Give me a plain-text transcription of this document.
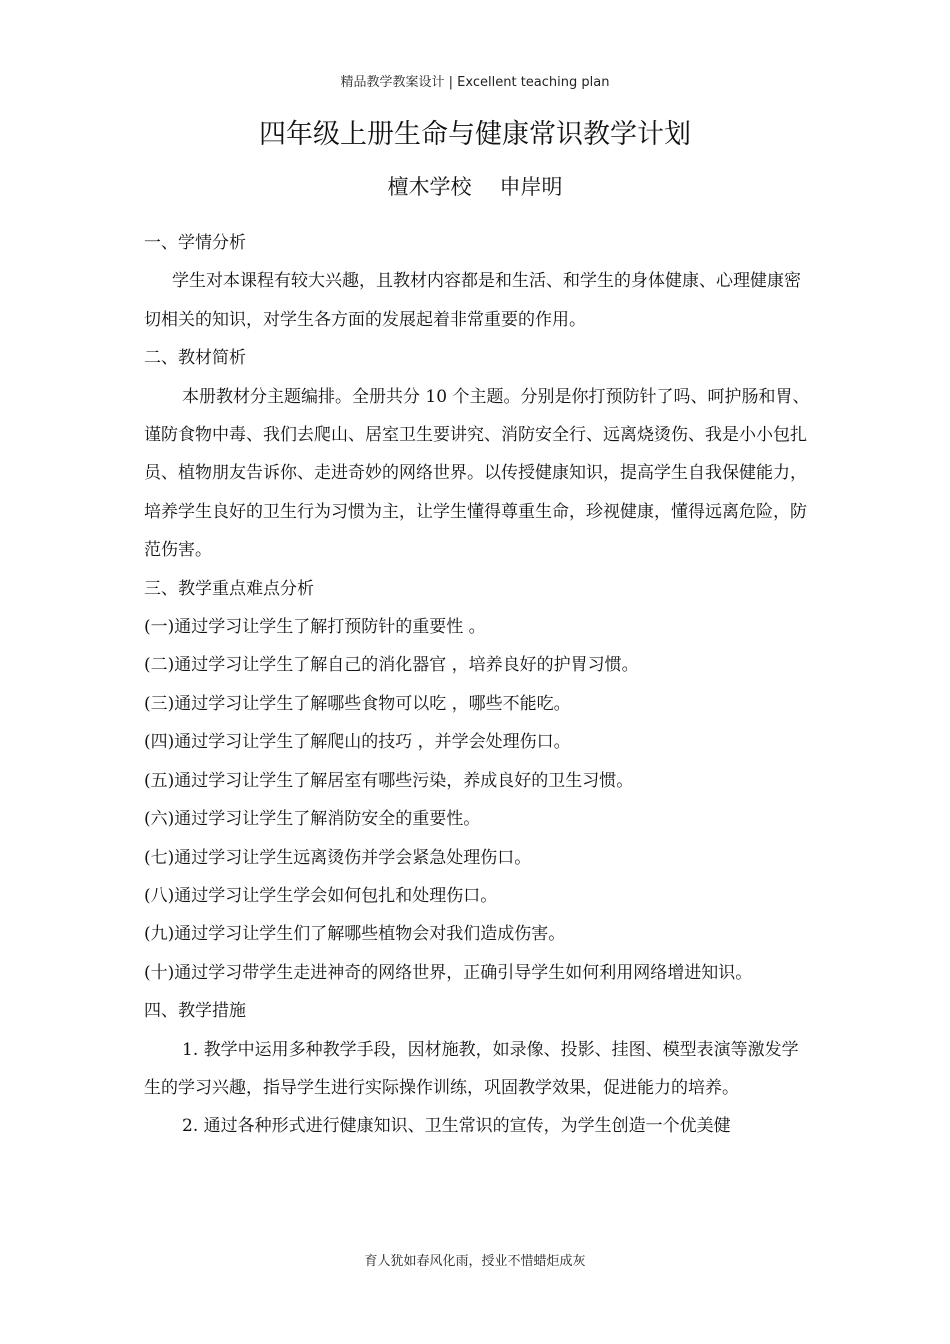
精品教学教案设计 | Excellent teaching plan
四年级上册生命与健康常识教学计划
檀木学校 申岸明

一、学情分析

学生对本课程有较大兴趣，且教材内容都是和生活、和学生的身体健康、心理健康密切相关的知识，对学生各方面的发展起着非常重要的作用。

二、教材简析

本册教材分主题编排。全册共分 10 个主题。分别是你打预防针了吗、呵护肠和胃、谨防食物中毒、我们去爬山、居室卫生要讲究、消防安全行、远离烧烫伤、我是小小包扎员、植物朋友告诉你、走进奇妙的网络世界。以传授健康知识，提高学生自我保健能力，培养学生良好的卫生行为习惯为主，让学生懂得尊重生命，珍视健康，懂得远离危险，防范伤害。

三、教学重点难点分析

(一)通过学习让学生了解打预防针的重要性 。

(二)通过学习让学生了解自己的消化器官 ，培养良好的护胃习惯。

(三)通过学习让学生了解哪些食物可以吃 ，哪些不能吃。

(四)通过学习让学生了解爬山的技巧 ，并学会处理伤口。

(五)通过学习让学生了解居室有哪些污染，养成良好的卫生习惯。

(六)通过学习让学生了解消防安全的重要性。

(七)通过学习让学生远离烫伤并学会紧急处理伤口。

(八)通过学习让学生学会如何包扎和处理伤口。

(九)通过学习让学生们了解哪些植物会对我们造成伤害。

(十)通过学习带学生走进神奇的网络世界，正确引导学生如何利用网络增进知识。

四、教学措施

1. 教学中运用多种教学手段，因材施教，如录像、投影、挂图、模型表演等激发学生的学习兴趣，指导学生进行实际操作训练，巩固教学效果，促进能力的培养。

2. 通过各种形式进行健康知识、卫生常识的宣传，为学生创造一个优美健

育人犹如春风化雨，授业不惜蜡炬成灰
